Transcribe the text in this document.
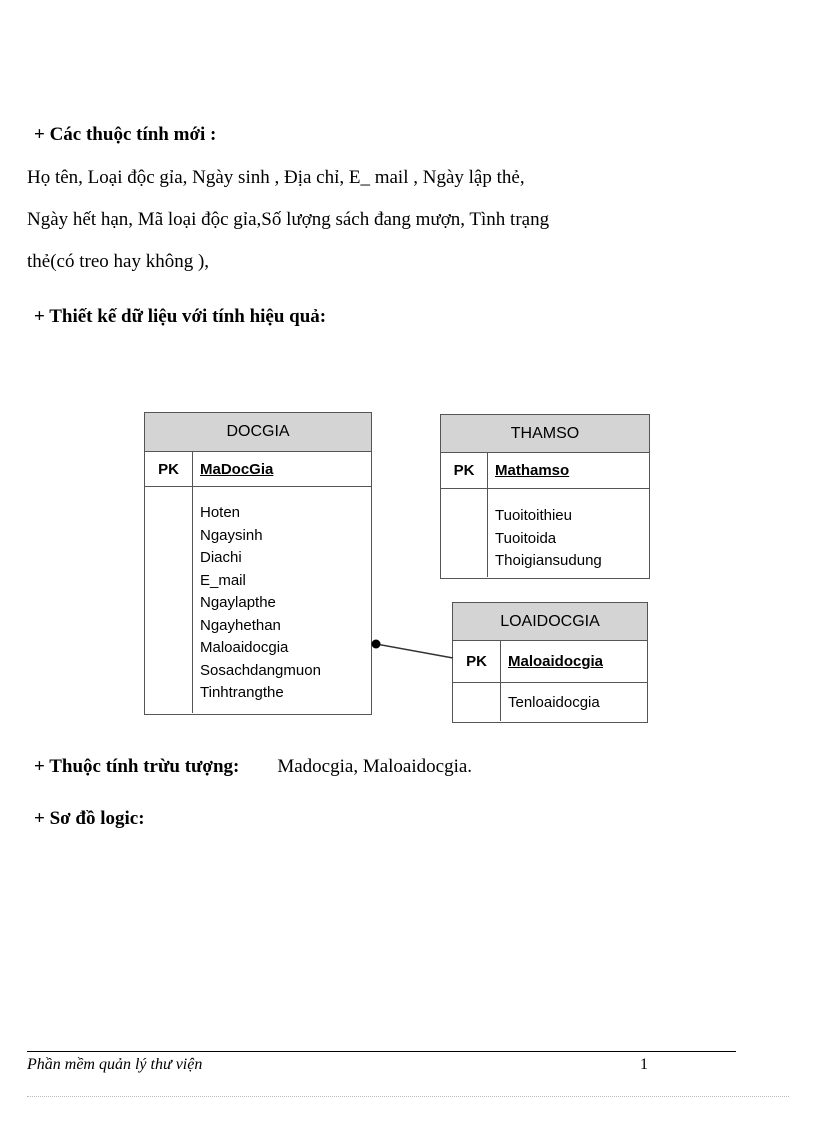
+ Các thuộc tính mới :
Họ tên, Loại độc gỉa, Ngày sinh , Địa chỉ, E_ mail , Ngày lập thẻ,
Ngày hết hạn, Mã loại độc gỉa,Số lượng sách đang mượn, Tình trạng
thẻ(có treo hay không ),
+ Thiết kế dữ liệu với tính hiệu quả:
DOCGIA
PK	MaDocGia
Hoten
Ngaysinh
Diachi
E_mail
Ngaylapthe
Ngayhethan
Maloaidocgia
Sosachdangmuon
Tinhtrangthe
THAMSO
PK	Mathamso
Tuoitoithieu
Tuoitoida
Thoigiansudung
LOAIDOCGIA
PK	Maloaidocgia
Tenloaidocgia
+ Thuộc tính trừu tượng: Madocgia, Maloaidocgia.
+ Sơ đồ logic:
Phần mềm quản lý thư viện	1
